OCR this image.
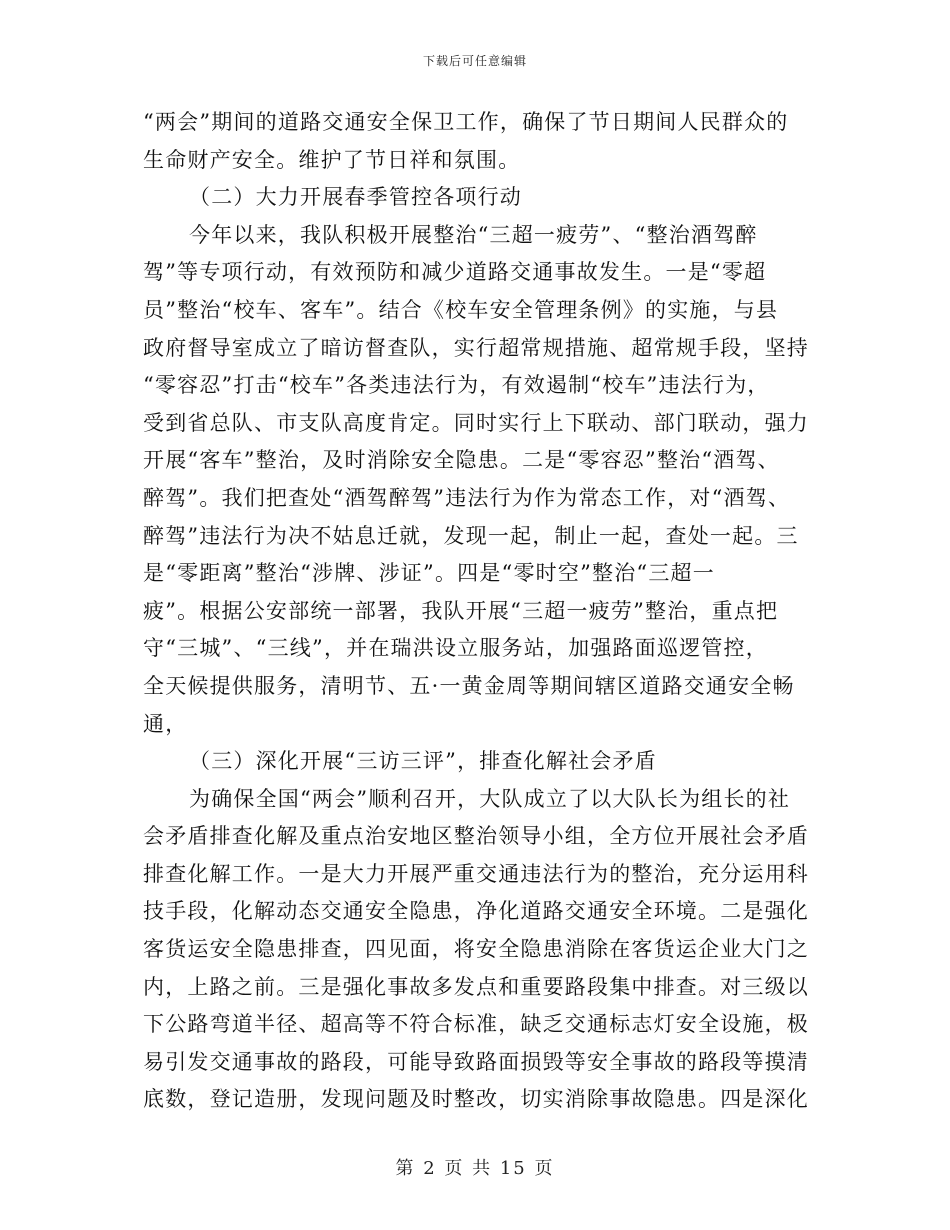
下载后可任意编辑

“两会”期间的道路交通安全保卫工作，确保了节日期间人民群众的
生命财产安全。维护了节日祥和氛围。
（二）大力开展春季管控各项行动
今年以来，我队积极开展整治“三超一疲劳”、“整治酒驾醉
驾”等专项行动，有效预防和减少道路交通事故发生。一是“零超
员”整治“校车、客车”。结合《校车安全管理条例》的实施，与县
政府督导室成立了暗访督查队，实行超常规措施、超常规手段，坚持
“零容忍”打击“校车”各类违法行为，有效遏制“校车”违法行为，
受到省总队、市支队高度肯定。同时实行上下联动、部门联动，强力
开展“客车”整治，及时消除安全隐患。二是“零容忍”整治“酒驾、
醉驾”。我们把查处“酒驾醉驾”违法行为作为常态工作，对“酒驾、
醉驾”违法行为决不姑息迁就，发现一起，制止一起，查处一起。三
是“零距离”整治“涉牌、涉证”。四是“零时空”整治“三超一
疲”。根据公安部统一部署，我队开展“三超一疲劳”整治，重点把
守“三城”、“三线”，并在瑞洪设立服务站，加强路面巡逻管控，
全天候提供服务，清明节、五·一黄金周等期间辖区道路交通安全畅
通，
（三）深化开展“三访三评”，排查化解社会矛盾
为确保全国“两会”顺利召开，大队成立了以大队长为组长的社
会矛盾排查化解及重点治安地区整治领导小组，全方位开展社会矛盾
排查化解工作。一是大力开展严重交通违法行为的整治，充分运用科
技手段，化解动态交通安全隐患，净化道路交通安全环境。二是强化
客货运安全隐患排查，四见面，将安全隐患消除在客货运企业大门之
内，上路之前。三是强化事故多发点和重要路段集中排查。对三级以
下公路弯道半径、超高等不符合标准，缺乏交通标志灯安全设施，极
易引发交通事故的路段，可能导致路面损毁等安全事故的路段等摸清
底数，登记造册，发现问题及时整改，切实消除事故隐患。四是深化

第 2 页 共 15 页
